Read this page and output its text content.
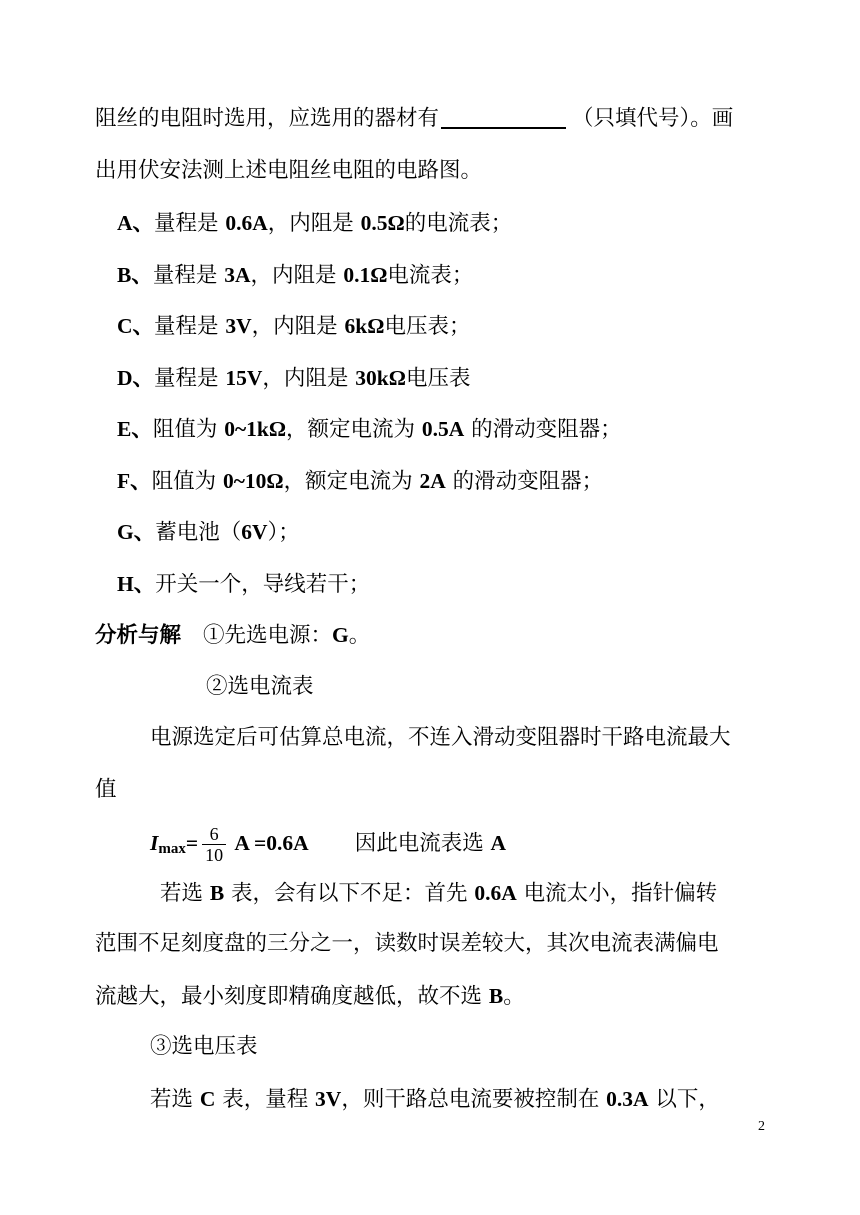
阻丝的电阻时选用，应选用的器材有	（只填代号）。画
出用伏安法测上述电阻丝电阻的电路图。
A、量程是 0.6A，内阻是 0.5Ω的电流表；
B、量程是 3A，内阻是 0.1Ω电流表；
C、量程是 3V，内阻是 6kΩ电压表；
D、量程是 15V，内阻是 30kΩ电压表
E、阻值为 0~1kΩ，额定电流为 0.5A 的滑动变阻器；
F、阻值为 0~10Ω，额定电流为 2A 的滑动变阻器；
G、蓄电池（6V）；
H、开关一个，导线若干；
分析与解 ①先选电源：G。
②选电流表
电源选定后可估算总电流，不连入滑动变阻器时干路电流最大
值
$I_{max}= \frac{6}{10}$ A =0.6A 因此电流表选 A
若选 B 表，会有以下不足：首先 0.6A 电流太小，指针偏转
范围不足刻度盘的三分之一，读数时误差较大，其次电流表满偏电
流越大，最小刻度即精确度越低，故不选 B。
③选电压表
若选 C 表，量程 3V，则干路总电流要被控制在 0.3A 以下，
2
